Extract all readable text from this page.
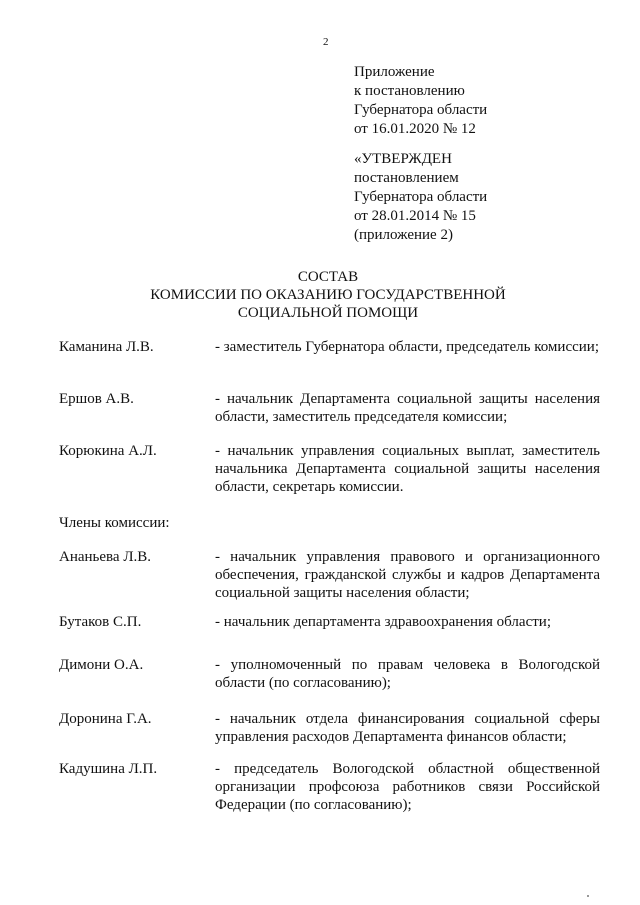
2
Приложение
к постановлению
Губернатора области
от 16.01.2020 № 12
«УТВЕРЖДЕН
постановлением
Губернатора области
от 28.01.2014 № 15
(приложение 2)
СОСТАВ
КОМИССИИ ПО ОКАЗАНИЮ ГОСУДАРСТВЕННОЙ
СОЦИАЛЬНОЙ ПОМОЩИ
Каманина Л.В.	- заместитель Губернатора области, председатель комиссии;
Ершов А.В.	- начальник Департамента социальной защиты населения области, заместитель председателя комиссии;
Корюкина А.Л.	- начальник управления социальных выплат, заместитель начальника Департамента социальной защиты населения области, секретарь комиссии.
Члены комиссии:
Ананьева Л.В.	- начальник управления правового и организационного обеспечения, гражданской службы и кадров Департамента социальной защиты населения области;
Бутаков С.П.	- начальник департамента здравоохранения области;
Димони О.А.	- уполномоченный по правам человека в Вологодской области (по согласованию);
Доронина Г.А.	- начальник отдела финансирования социальной сферы управления расходов Департамента финансов области;
Кадушина Л.П.	- председатель Вологодской областной общественной организации профсоюза работников связи Российской Федерации (по согласованию);
